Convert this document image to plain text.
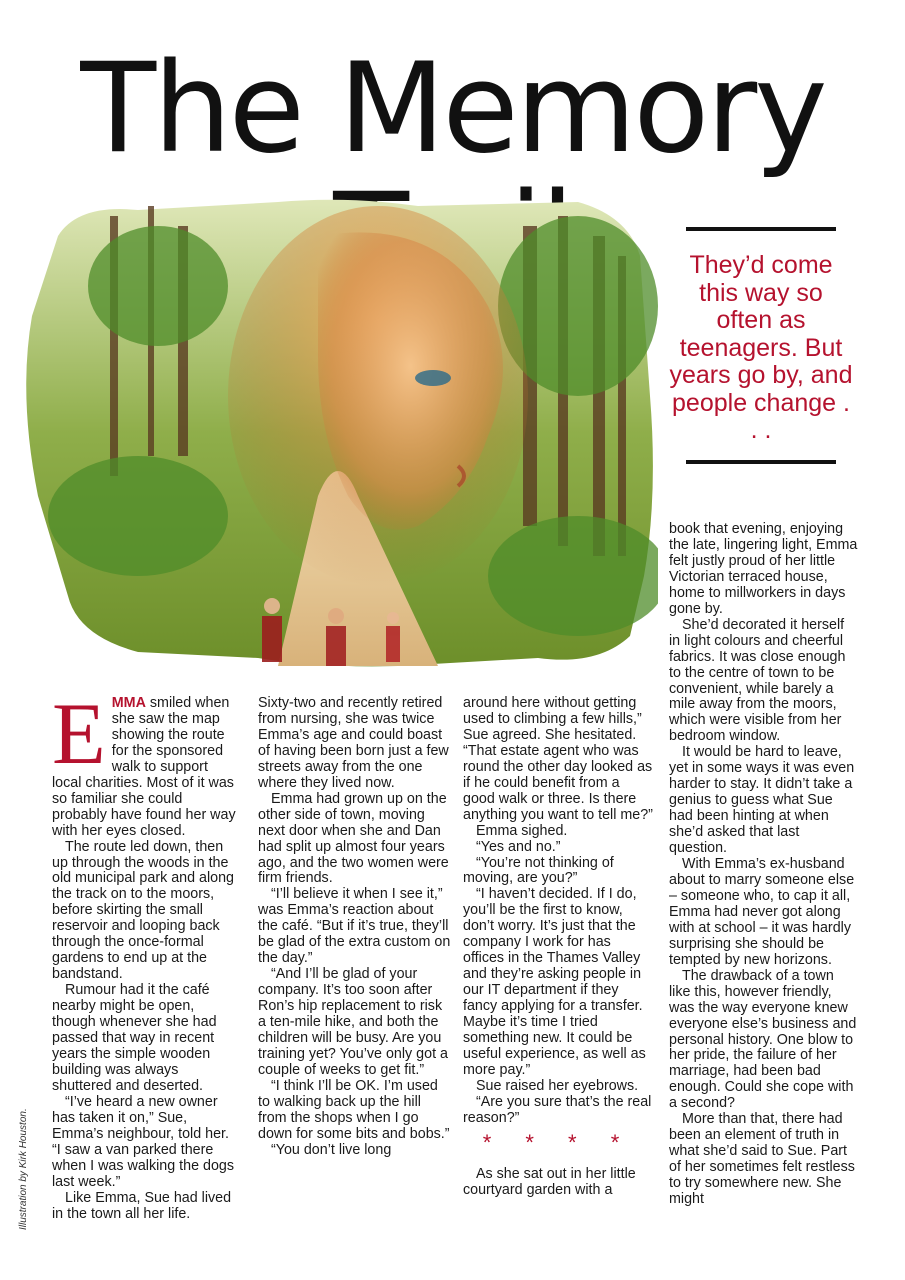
The Memory
They’d come this way so often as teenagers. But years go by, and people change . . .

EMMA smiled when she saw the map showing the route for the sponsored walk to support local charities. Most of it was so familiar she could probably have found her way with her eyes closed.

The route led down, then up through the woods in the old municipal park and along the track on to the moors, before skirting the small reservoir and looping back through the once-formal gardens to end up at the bandstand.

Rumour had it the café nearby might be open, though whenever she had passed that way in recent years the simple wooden building was always shuttered and deserted.

“I’ve heard a new owner has taken it on,” Sue, Emma’s neighbour, told her. “I saw a van parked there when I was walking the dogs last week.”

Like Emma, Sue had lived in the town all her life.

Sixty-two and recently retired from nursing, she was twice Emma’s age and could boast of having been born just a few streets away from the one where they lived now.

Emma had grown up on the other side of town, moving next door when she and Dan had split up almost four years ago, and the two women were firm friends.

“I’ll believe it when I see it,” was Emma’s reaction about the café. “But if it’s true, they’ll be glad of the extra custom on the day.”

“And I’ll be glad of your company. It’s too soon after Ron’s hip replacement to risk a ten-mile hike, and both the children will be busy. Are you training yet? You’ve only got a couple of weeks to get fit.”

“I think I’ll be OK. I’m used to walking back up the hill from the shops when I go down for some bits and bobs.”

“You don’t live long

around here without getting used to climbing a few hills,” Sue agreed. She hesitated. “That estate agent who was round the other day looked as if he could benefit from a good walk or three. Is there anything you want to tell me?”

Emma sighed.

“Yes and no.”

“You’re not thinking of moving, are you?”

“I haven’t decided. If I do, you’ll be the first to know, don’t worry. It’s just that the company I work for has offices in the Thames Valley and they’re asking people in our IT department if they fancy applying for a transfer. Maybe it’s time I tried something new. It could be useful experience, as well as more pay.”

Sue raised her eyebrows.

“Are you sure that’s the real reason?”

* * * *

As she sat out in her little courtyard garden with a

book that evening, enjoying the late, lingering light, Emma felt justly proud of her little Victorian terraced house, home to millworkers in days gone by.

She’d decorated it herself in light colours and cheerful fabrics. It was close enough to the centre of town to be convenient, while barely a mile away from the moors, which were visible from her bedroom window.

It would be hard to leave, yet in some ways it was even harder to stay. It didn’t take a genius to guess what Sue had been hinting at when she’d asked that last question.

With Emma’s ex-husband about to marry someone else – someone who, to cap it all, Emma had never got along with at school – it was hardly surprising she should be tempted by new horizons.

The drawback of a town like this, however friendly, was the way everyone knew everyone else’s business and personal history. One blow to her pride, the failure of her marriage, had been bad enough. Could she cope with a second?

More than that, there had been an element of truth in what she’d said to Sue. Part of her sometimes felt restless to try somewhere new. She might

Illustration by Kirk Houston.
